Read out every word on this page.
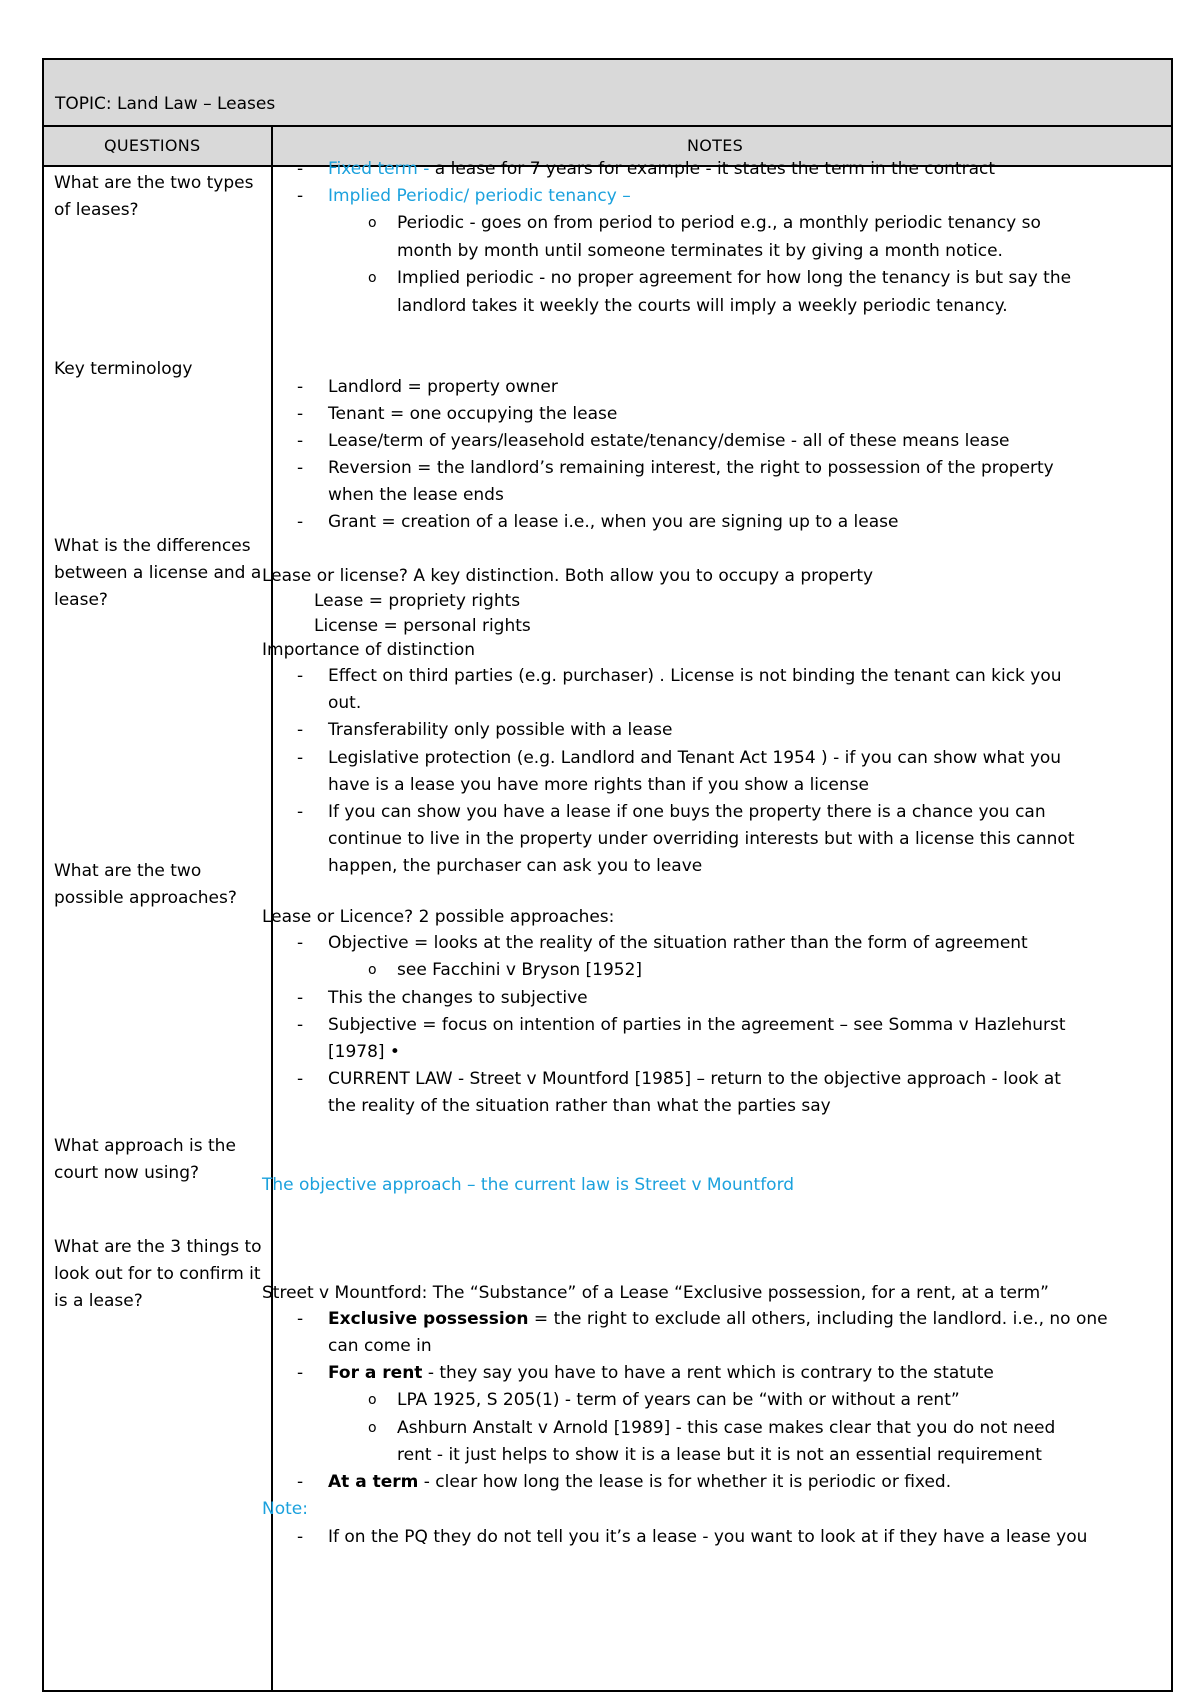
TOPIC: Land Law – Leases
QUESTIONS	NOTES
What are the two types of leases?
Key terminology
What is the differences between a license and a lease?
What are the two possible approaches?
What approach is the court now using?
What are the 3 things to look out for to confirm it is a lease?
- Fixed term - a lease for 7 years for example - it states the term in the contract
- Implied Periodic/ periodic tenancy –
o Periodic - goes on from period to period e.g., a monthly periodic tenancy so
month by month until someone terminates it by giving a month notice.
o Implied periodic - no proper agreement for how long the tenancy is but say the
landlord takes it weekly the courts will imply a weekly periodic tenancy.
- Landlord = property owner
- Tenant = one occupying the lease
- Lease/term of years/leasehold estate/tenancy/demise - all of these means lease
- Reversion = the landlord’s remaining interest, the right to possession of the property
when the lease ends
- Grant = creation of a lease i.e., when you are signing up to a lease
Lease or license? A key distinction. Both allow you to occupy a property
Lease = propriety rights
License = personal rights
Importance of distinction
- Effect on third parties (e.g. purchaser) . License is not binding the tenant can kick you
out.
- Transferability only possible with a lease
- Legislative protection (e.g. Landlord and Tenant Act 1954 ) - if you can show what you
have is a lease you have more rights than if you show a license
- If you can show you have a lease if one buys the property there is a chance you can
continue to live in the property under overriding interests but with a license this cannot
happen, the purchaser can ask you to leave
Lease or Licence? 2 possible approaches:
- Objective = looks at the reality of the situation rather than the form of agreement
o see Facchini v Bryson [1952]
- This the changes to subjective
- Subjective = focus on intention of parties in the agreement – see Somma v Hazlehurst
[1978] •
- CURRENT LAW - Street v Mountford [1985] – return to the objective approach - look at
the reality of the situation rather than what the parties say
The objective approach – the current law is Street v Mountford
Street v Mountford: The “Substance” of a Lease “Exclusive possession, for a rent, at a term”
- Exclusive possession = the right to exclude all others, including the landlord. i.e., no one
can come in
- For a rent - they say you have to have a rent which is contrary to the statute
o LPA 1925, S 205(1) - term of years can be “with or without a rent”
o Ashburn Anstalt v Arnold [1989] - this case makes clear that you do not need
rent - it just helps to show it is a lease but it is not an essential requirement
- At a term - clear how long the lease is for whether it is periodic or fixed.
Note:
- If on the PQ they do not tell you it’s a lease - you want to look at if they have a lease you
